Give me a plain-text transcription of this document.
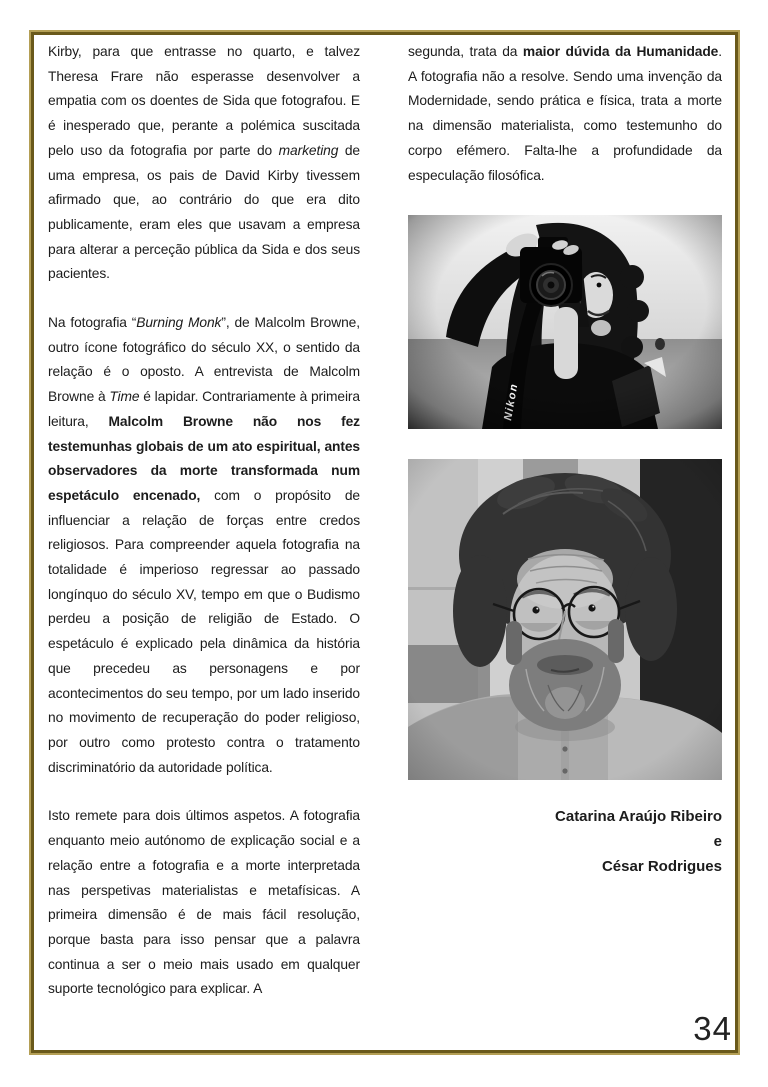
Kirby, para que entrasse no quarto, e talvez Theresa Frare não esperasse desenvolver a empatia com os doentes de Sida que fotografou. E é inesperado que, perante a polémica suscitada pelo uso da fotografia por parte do marketing de uma empresa, os pais de David Kirby tivessem afirmado que, ao contrário do que era dito publicamente, eram eles que usavam a empresa para alterar a perceção pública da Sida e dos seus pacientes.

Na fotografia “Burning Monk”, de Malcolm Browne, outro ícone fotográfico do século XX, o sentido da relação é o oposto. A entrevista de Malcolm Browne à Time é lapidar. Contrariamente à primeira leitura, Malcolm Browne não nos fez testemunhas globais de um ato espiritual, antes observadores da morte transformada num espetáculo encenado, com o propósito de influenciar a relação de forças entre credos religiosos. Para compreender aquela fotografia na totalidade é imperioso regressar ao passado longínquo do século XV, tempo em que o Budismo perdeu a posição de religião de Estado. O espetáculo é explicado pela dinâmica da história que precedeu as personagens e por acontecimentos do seu tempo, por um lado inserido no movimento de recuperação do poder religioso, por outro como protesto contra o tratamento discriminatório da autoridade política.

Isto remete para dois últimos aspetos. A fotografia enquanto meio autónomo de explicação social e a relação entre a fotografia e a morte interpretada nas perspetivas materialistas e metafísicas. A primeira dimensão é de mais fácil resolução, porque basta para isso pensar que a palavra continua a ser o meio mais usado em qualquer suporte tecnológico para explicar. A

segunda, trata da maior dúvida da Humanidade. A fotografia não a resolve. Sendo uma invenção da Modernidade, sendo prática e física, trata a morte na dimensão materialista, como testemunho do corpo efémero. Falta-lhe a profundidade da especulação filosófica.

Catarina Araújo Ribeiro
e
César Rodrigues
34
